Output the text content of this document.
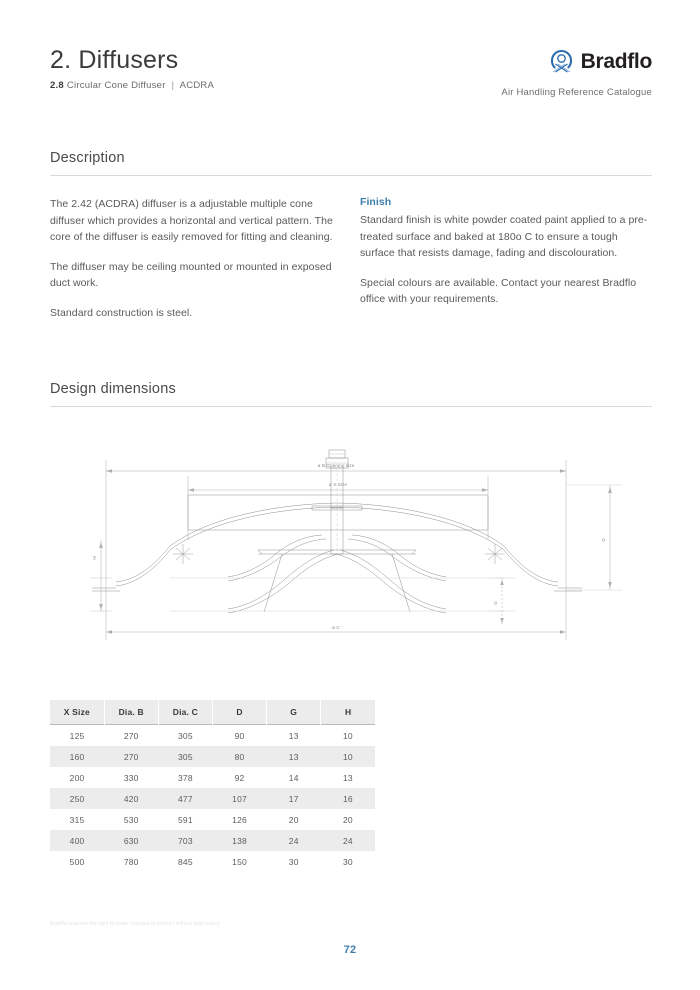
2. Diffusers
2.8 Circular Cone Diffuser | ACDRA
Bradflo
Air Handling Reference Catalogue
Description

The 2.42 (ACDRA) diffuser is a adjustable multiple cone diffuser which provides a horizontal and vertical pattern. The core of the diffuser is easily removed for fitting and cleaning.

The diffuser may be ceiling mounted or mounted in exposed duct work.

Standard construction is steel.

Finish

Standard finish is white powder coated paint applied to a pre-treated surface and baked at 180o C to ensure a tough surface that resists damage, fading and discolouration.

Special colours are available. Contact your nearest Bradflo office with your requirements.

Design dimensions
ø B Opening size
ø X Size
ø C
H
D
G
X Size	Dia. B	Dia. C	D	G	H
125	270	305	90	13	10
160	270	305	80	13	10
200	330	378	92	14	13
250	420	477	107	17	16
315	530	591	126	20	20
400	630	703	138	24	24
500	780	845	150	30	30
Bradflo reserves the right to make changes to product without prior notice
72
